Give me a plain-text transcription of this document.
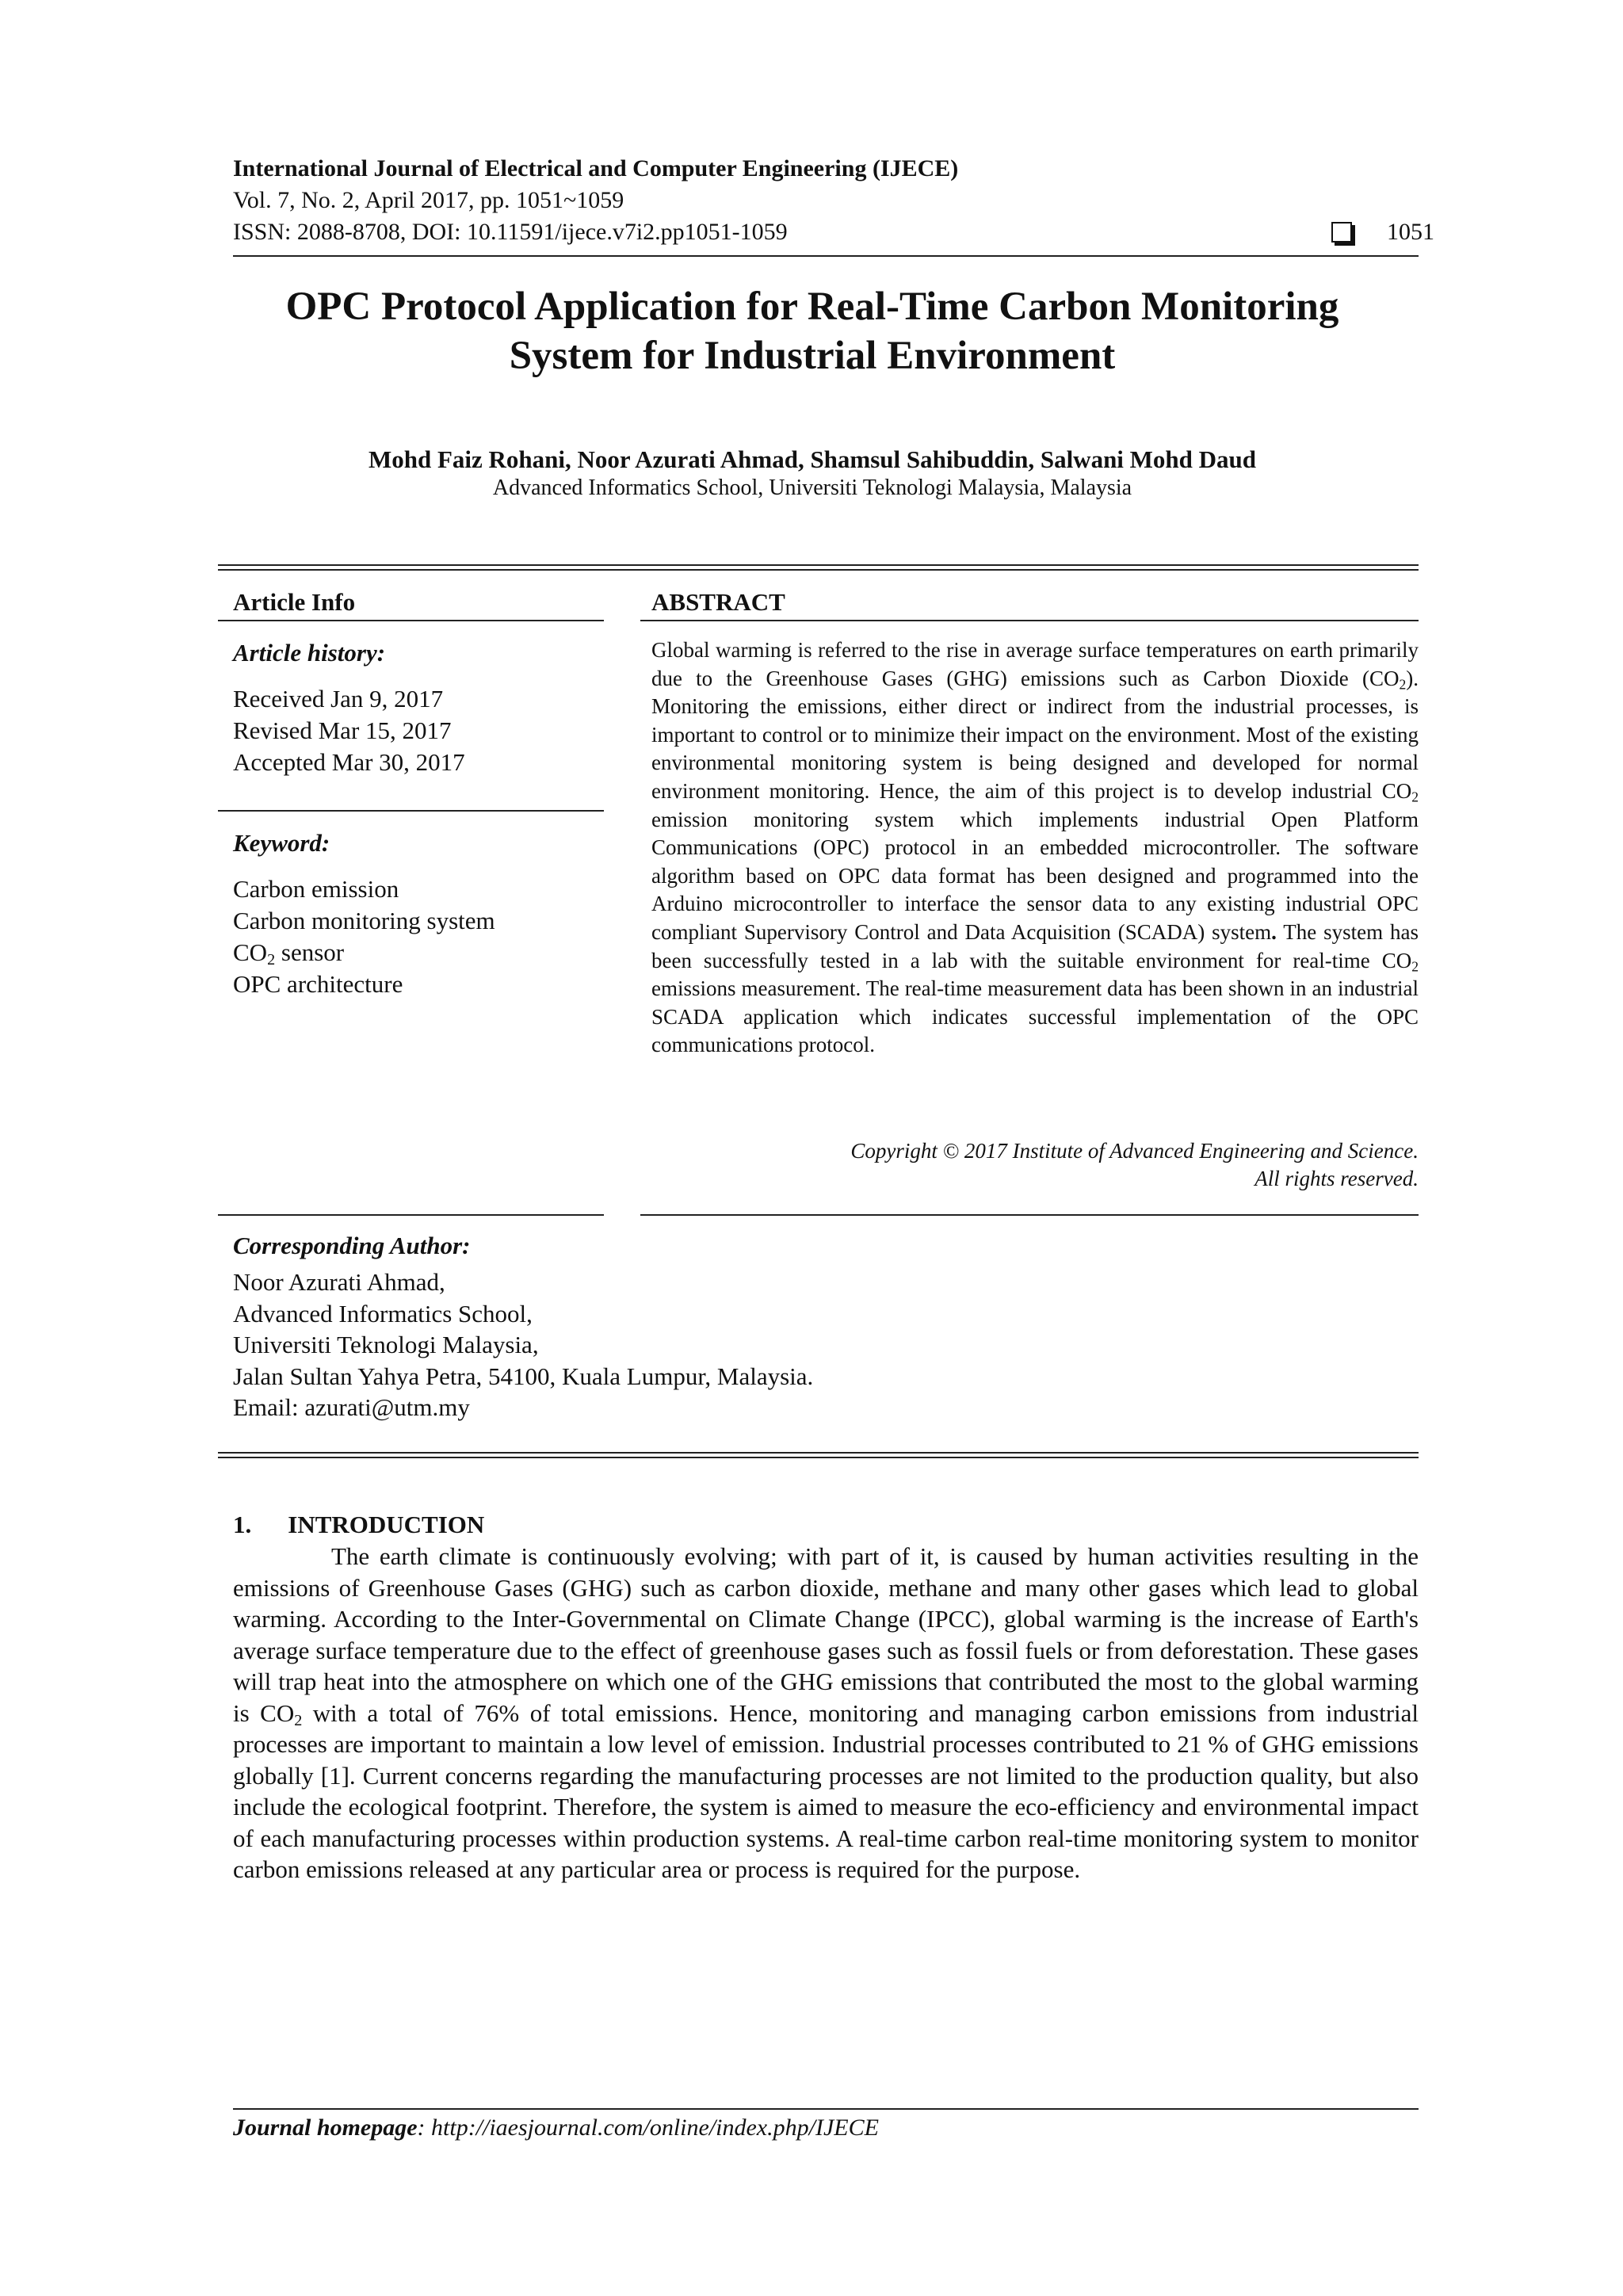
International Journal of Electrical and Computer Engineering (IJECE)
Vol. 7, No. 2, April 2017, pp. 1051~1059
ISSN: 2088-8708, DOI: 10.11591/ijece.v7i2.pp1051-1059	1051
OPC Protocol Application for Real-Time Carbon Monitoring
System for Industrial Environment
Mohd Faiz Rohani, Noor Azurati Ahmad, Shamsul Sahibuddin, Salwani Mohd Daud
Advanced Informatics School, Universiti Teknologi Malaysia, Malaysia
Article Info
Article history:
Received Jan 9, 2017
Revised Mar 15, 2017
Accepted Mar 30, 2017
Keyword:
Carbon emission
Carbon monitoring system
$CO_2$ sensor
OPC architecture
ABSTRACT
Global warming is referred to the rise in average surface temperatures on earth primarily due to the Greenhouse Gases (GHG) emissions such as Carbon Dioxide $(CO_2)$. Monitoring the emissions, either direct or indirect from the industrial processes, is important to control or to minimize their impact on the environment. Most of the existing environmental monitoring system is being designed and developed for normal environment monitoring. Hence, the aim of this project is to develop industrial $CO_2$ emission monitoring system which implements industrial Open Platform Communications (OPC) protocol in an embedded microcontroller. The software algorithm based on OPC data format has been designed and programmed into the Arduino microcontroller to interface the sensor data to any existing industrial OPC compliant Supervisory Control and Data Acquisition (SCADA) system. The system has been successfully tested in a lab with the suitable environment for real-time $CO_2$ emissions measurement. The real-time measurement data has been shown in an industrial SCADA application which indicates successful implementation of the OPC communications protocol.
Copyright © 2017 Institute of Advanced Engineering and Science.
All rights reserved.
Corresponding Author:
Noor Azurati Ahmad,
Advanced Informatics School,
Universiti Teknologi Malaysia,
Jalan Sultan Yahya Petra, 54100, Kuala Lumpur, Malaysia.
Email: azurati@utm.my
1. INTRODUCTION
The earth climate is continuously evolving; with part of it, is caused by human activities resulting in the emissions of Greenhouse Gases (GHG) such as carbon dioxide, methane and many other gases which lead to global warming. According to the Inter-Governmental on Climate Change (IPCC), global warming is the increase of Earth's average surface temperature due to the effect of greenhouse gases such as fossil fuels or from deforestation. These gases will trap heat into the atmosphere on which one of the GHG emissions that contributed the most to the global warming is $CO_2$ with a total of 76% of total emissions. Hence, monitoring and managing carbon emissions from industrial processes are important to maintain a low level of emission. Industrial processes contributed to 21 % of GHG emissions globally [1]. Current concerns regarding the manufacturing processes are not limited to the production quality, but also include the ecological footprint. Therefore, the system is aimed to measure the eco-efficiency and environmental impact of each manufacturing processes within production systems. A real-time carbon real-time monitoring system to monitor carbon emissions released at any particular area or process is required for the purpose.
Journal homepage: http://iaesjournal.com/online/index.php/IJECE
